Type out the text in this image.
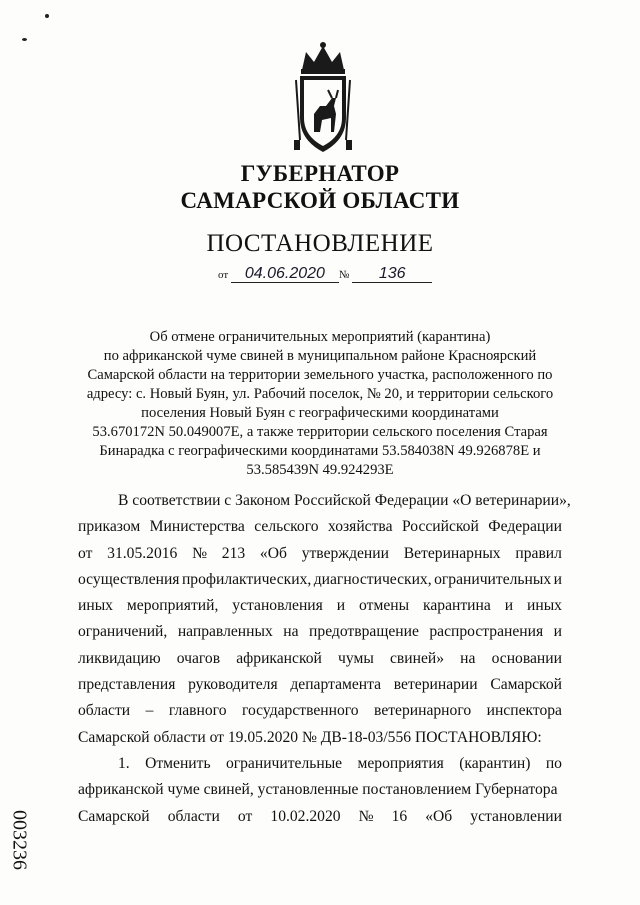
ГУБЕРНАТОР
САМАРСКОЙ ОБЛАСТИ
ПОСТАНОВЛЕНИЕ
от 04.06.2020 № 136
Об отмене ограничительных мероприятий (карантина)
по африканской чуме свиней в муниципальном районе Красноярский
Самарской области на территории земельного участка, расположенного по
адресу: с. Новый Буян, ул. Рабочий поселок, № 20, и территории сельского
поселения Новый Буян с географическими координатами
53.670172N 50.049007E, а также территории сельского поселения Старая
Бинарадка с географическими координатами 53.584038N 49.926878E и
53.585439N 49.924293E
В соответствии с Законом Российской Федерации «О ветеринарии»,
приказом Министерства сельского хозяйства Российской Федерации
от 31.05.2016 № 213 «Об утверждении Ветеринарных правил
осуществления профилактических, диагностических, ограничительных и
иных мероприятий, установления и отмены карантина и иных
ограничений, направленных на предотвращение распространения и
ликвидацию очагов африканской чумы свиней» на основании
представления руководителя департамента ветеринарии Самарской
области – главного государственного ветеринарного инспектора
Самарской области от 19.05.2020 № ДВ-18-03/556 ПОСТАНОВЛЯЮ:
1. Отменить ограничительные мероприятия (карантин) по
африканской чуме свиней, установленные постановлением Губернатора
Самарской области от 10.02.2020 № 16 «Об установлении
003236
